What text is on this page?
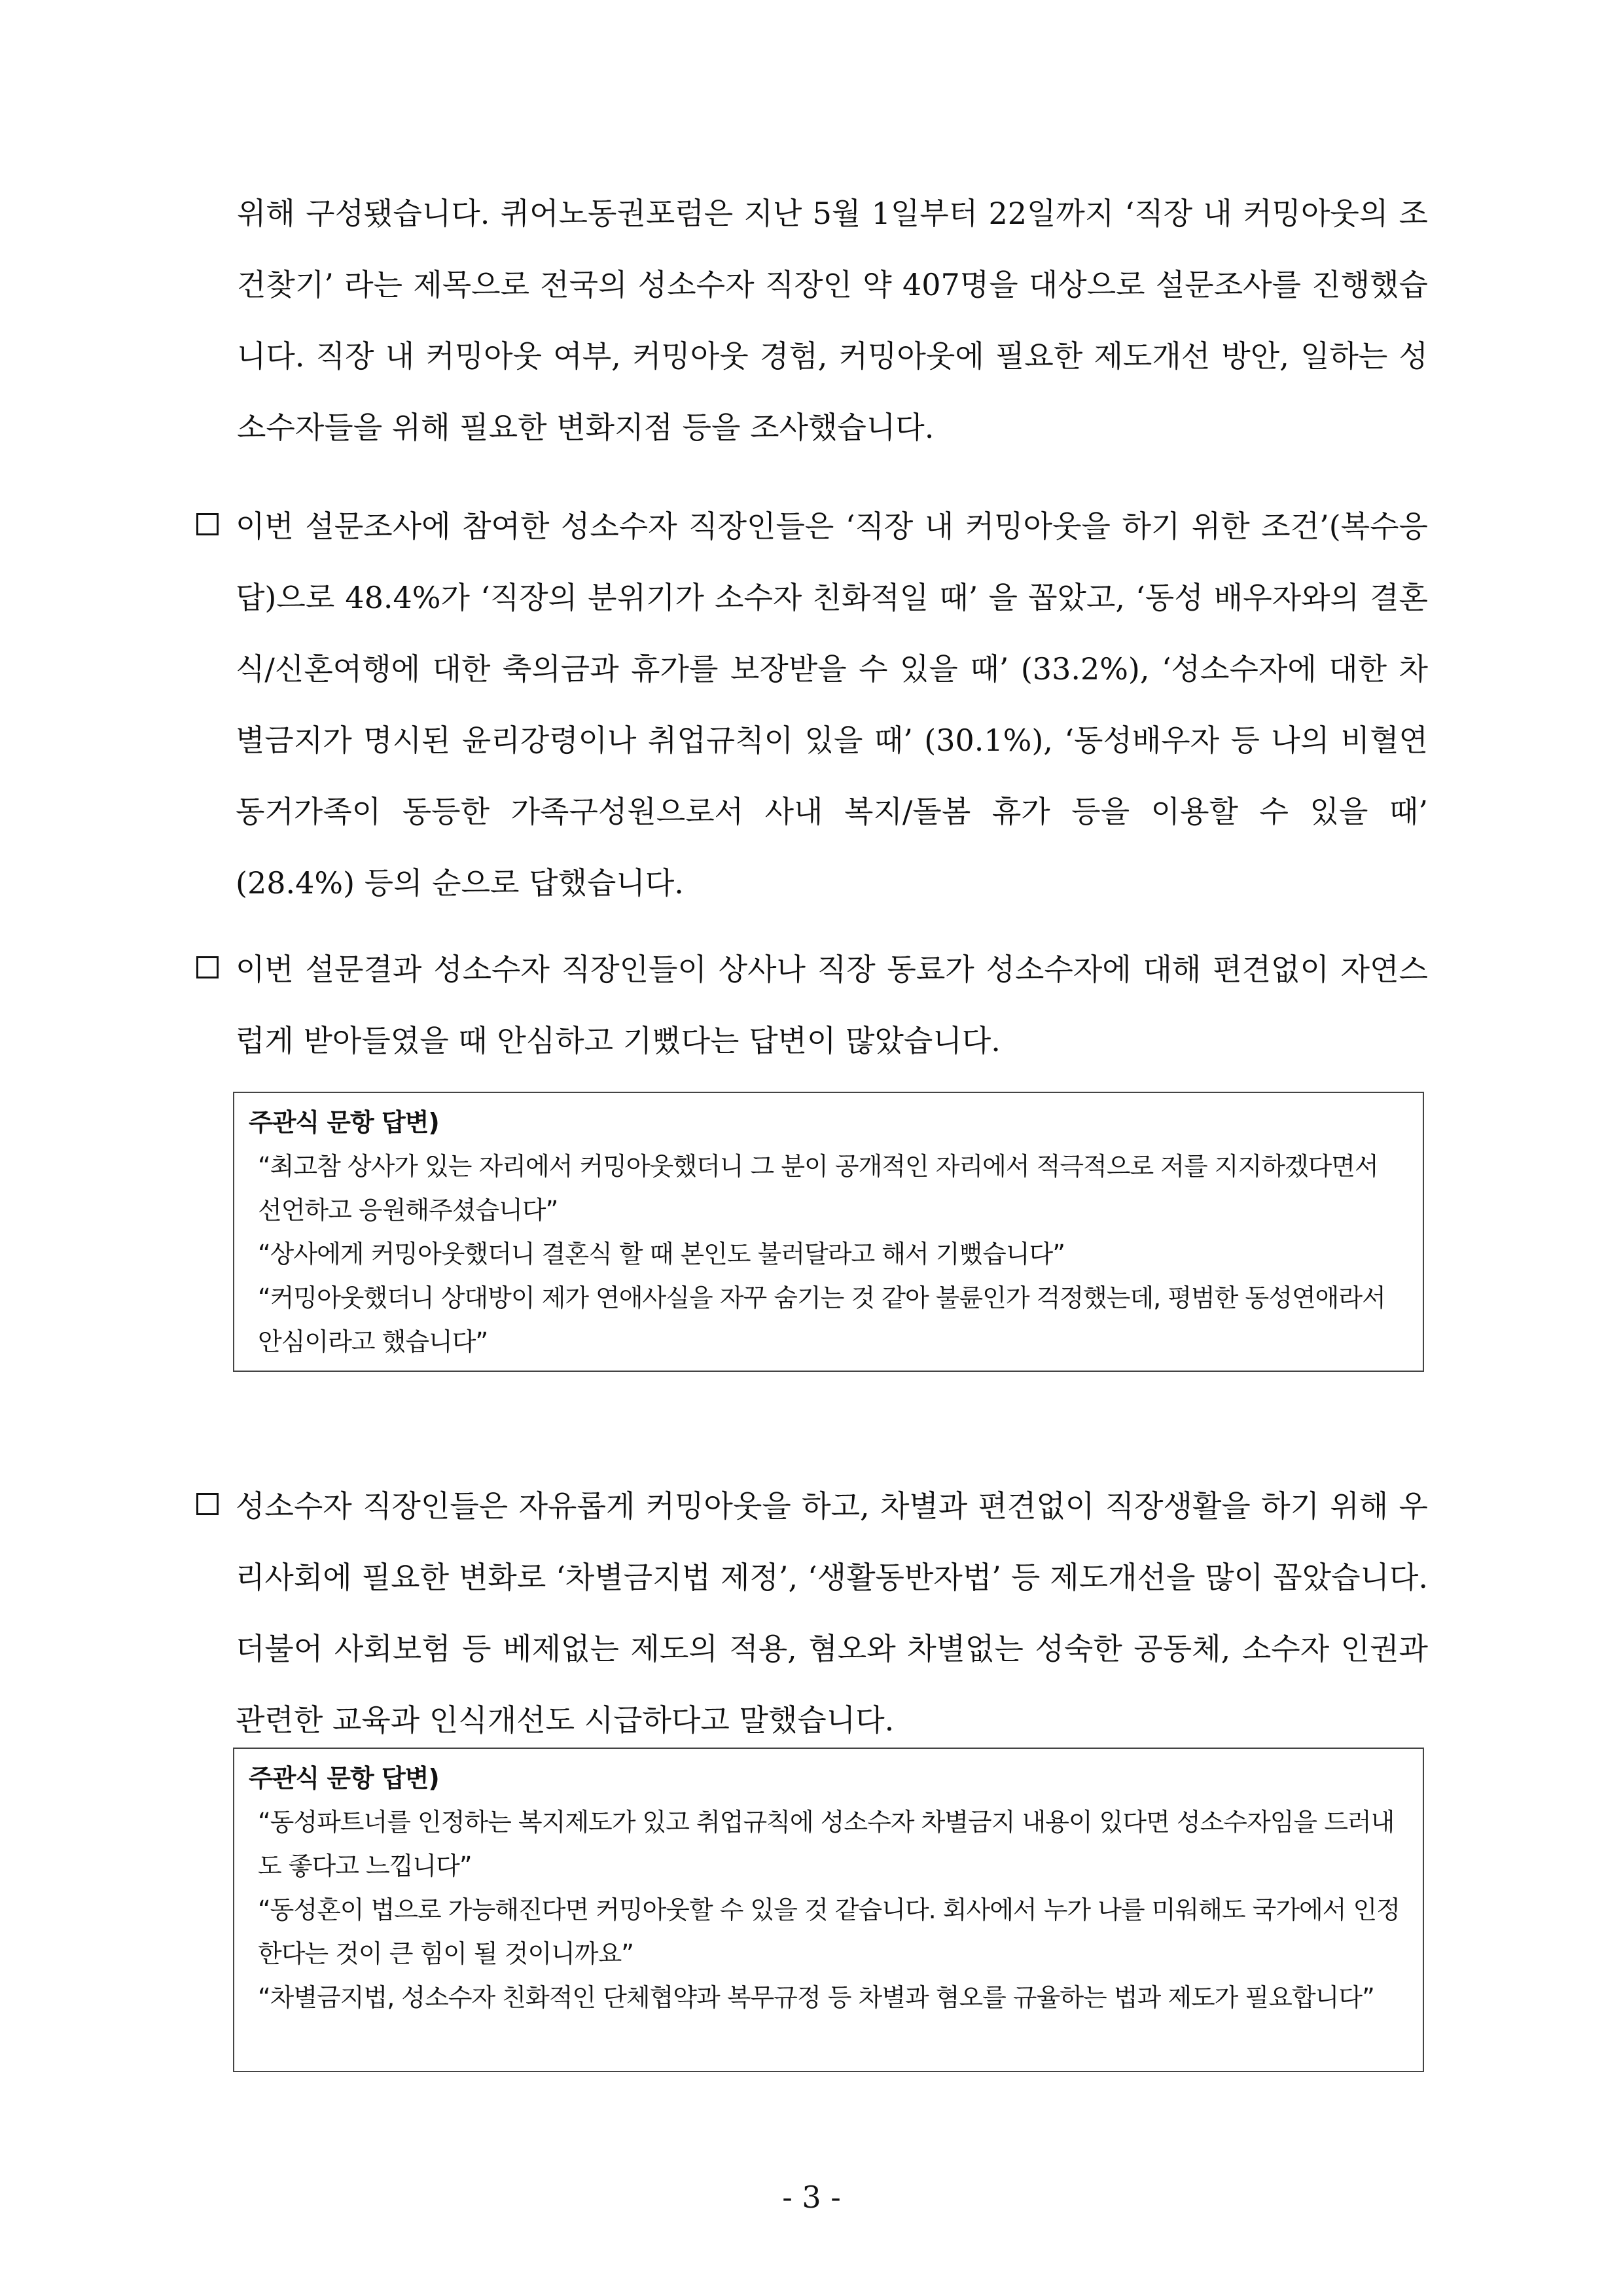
위해 구성됐습니다. 퀴어노동권포럼은 지난 5월 1일부터 22일까지 ‘직장 내 커밍아웃의 조건찾기’ 라는 제목으로 전국의 성소수자 직장인 약 407명을 대상으로 설문조사를 진행했습니다. 직장 내 커밍아웃 여부, 커밍아웃 경험, 커밍아웃에 필요한 제도개선 방안, 일하는 성소수자들을 위해 필요한 변화지점 등을 조사했습니다.

이번 설문조사에 참여한 성소수자 직장인들은 ‘직장 내 커밍아웃을 하기 위한 조건’(복수응답)으로 48.4%가 ‘직장의 분위기가 소수자 친화적일 때’ 을 꼽았고, ‘동성 배우자와의 결혼식/신혼여행에 대한 축의금과 휴가를 보장받을 수 있을 때’ (33.2%), ‘성소수자에 대한 차별금지가 명시된 윤리강령이나 취업규칙이 있을 때’ (30.1%), ‘동성배우자 등 나의 비혈연 동거가족이 동등한 가족구성원으로서 사내 복지/돌봄 휴가 등을 이용할 수 있을 때’ (28.4%) 등의 순으로 답했습니다.
이번 설문결과 성소수자 직장인들이 상사나 직장 동료가 성소수자에 대해 편견없이 자연스럽게 받아들였을 때 안심하고 기뻤다는 답변이 많았습니다.
주관식 문항 답변)
“최고참 상사가 있는 자리에서 커밍아웃했더니 그 분이 공개적인 자리에서 적극적으로 저를 지지하겠다면서 선언하고 응원해주셨습니다”
“상사에게 커밍아웃했더니 결혼식 할 때 본인도 불러달라고 해서 기뻤습니다”
“커밍아웃했더니 상대방이 제가 연애사실을 자꾸 숨기는 것 같아 불륜인가 걱정했는데, 평범한 동성연애라서 안심이라고 했습니다”
성소수자 직장인들은 자유롭게 커밍아웃을 하고, 차별과 편견없이 직장생활을 하기 위해 우리사회에 필요한 변화로 ‘차별금지법 제정’, ‘생활동반자법’ 등 제도개선을 많이 꼽았습니다. 더불어 사회보험 등 베제없는 제도의 적용, 혐오와 차별없는 성숙한 공동체, 소수자 인권과 관련한 교육과 인식개선도 시급하다고 말했습니다.
주관식 문항 답변)
“동성파트너를 인정하는 복지제도가 있고 취업규칙에 성소수자 차별금지 내용이 있다면 성소수자임을 드러내도 좋다고 느낍니다”
“동성혼이 법으로 가능해진다면 커밍아웃할 수 있을 것 같습니다. 회사에서 누가 나를 미워해도 국가에서 인정한다는 것이 큰 힘이 될 것이니까요”
“차별금지법, 성소수자 친화적인 단체협약과 복무규정 등 차별과 혐오를 규율하는 법과 제도가 필요합니다”
- 3 -
